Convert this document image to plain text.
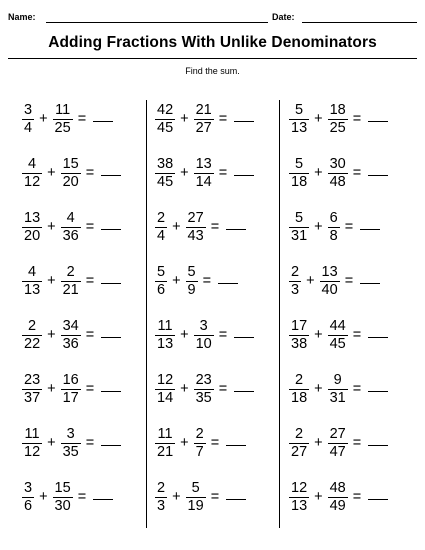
Name:	Date:
Adding Fractions With Unlike Denominators
Find the sum.
$\frac{3}{4} + \frac{11}{25}$ =
$\frac{4}{12} + \frac{15}{20}$ =
$\frac{13}{20} + \frac{4}{36}$ =
$\frac{4}{13} + \frac{2}{21}$ =
$\frac{2}{22} + \frac{34}{36}$ =
$\frac{23}{37} + \frac{16}{17}$ =
$\frac{11}{12} + \frac{3}{35}$ =
$\frac{3}{6} + \frac{15}{30}$ =
$\frac{42}{45} + \frac{21}{27}$ =
$\frac{38}{45} + \frac{13}{14}$ =
$\frac{2}{4} + \frac{27}{43}$ =
$\frac{5}{6} + \frac{5}{9}$ =
$\frac{11}{13} + \frac{3}{10}$ =
$\frac{12}{14} + \frac{23}{35}$ =
$\frac{11}{21} + \frac{2}{7}$ =
$\frac{2}{3} + \frac{5}{19}$ =
$\frac{5}{13} + \frac{18}{25}$ =
$\frac{5}{18} + \frac{30}{48}$ =
$\frac{5}{31} + \frac{6}{8}$ =
$\frac{2}{3} + \frac{13}{40}$ =
$\frac{17}{38} + \frac{44}{45}$ =
$\frac{2}{18} + \frac{9}{31}$ =
$\frac{2}{27} + \frac{27}{47}$ =
$\frac{12}{13} + \frac{48}{49}$ =
